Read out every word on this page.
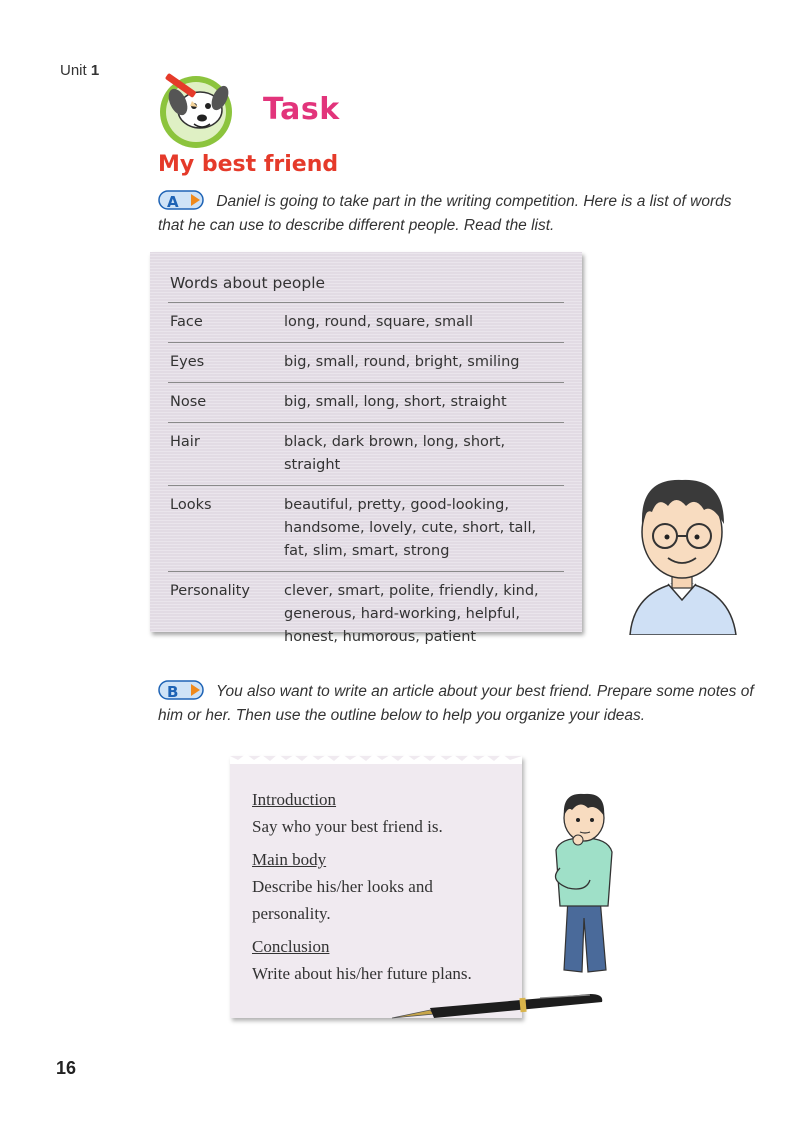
Unit 1
Task
My best friend
A Daniel is going to take part in the writing competition. Here is a list of words that he can use to describe different people. Read the list.
Words about people
Face	long, round, square, small
Eyes	big, small, round, bright, smiling
Nose	big, small, long, short, straight
Hair	black, dark brown, long, short, straight
Looks	beautiful, pretty, good-looking, handsome, lovely, cute, short, tall, fat, slim, smart, strong
Personality	clever, smart, polite, friendly, kind, generous, hard-working, helpful, honest, humorous, patient
B You also want to write an article about your best friend. Prepare some notes of him or her. Then use the outline below to help you organize your ideas.
Introduction
Say who your best friend is.
Main body
Describe his/her looks and personality.
Conclusion
Write about his/her future plans.
16
